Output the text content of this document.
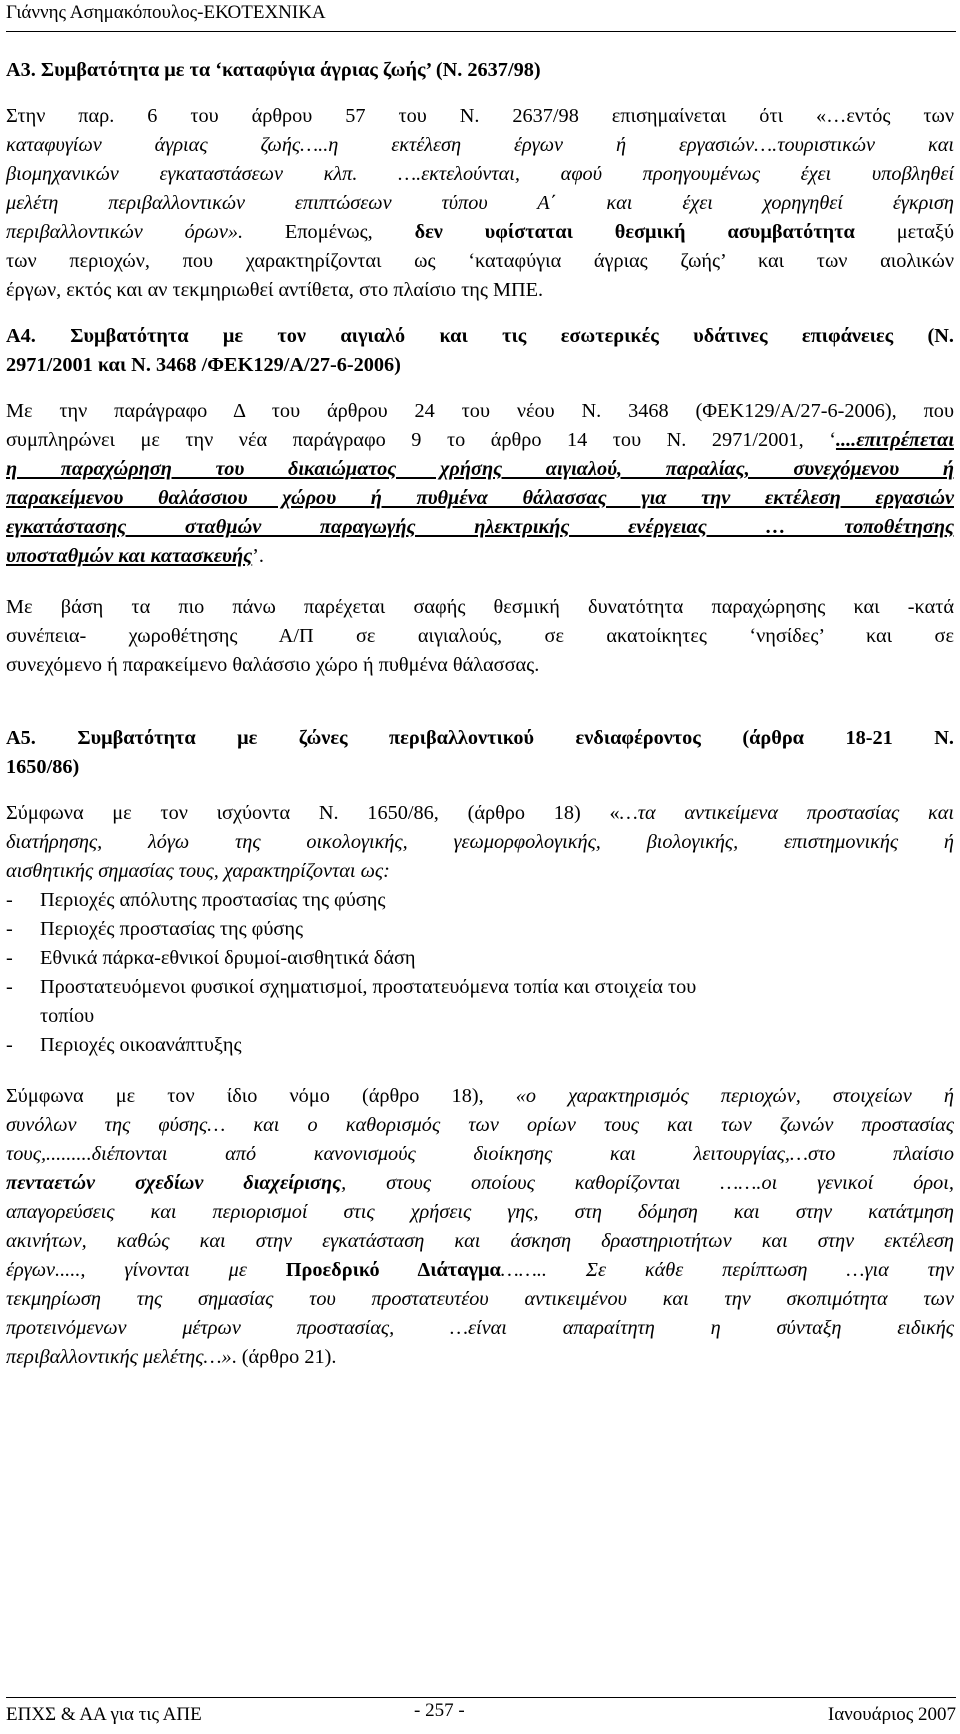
Γιάννης Ασημακόπουλος-ΕΚΟΤΕΧΝΙΚΑ

Α3. Συμβατότητα με τα ‘καταφύγια άγριας ζωής’ (Ν. 2637/98)

Στην παρ. 6 του άρθρου 57 του Ν. 2637/98 επισημαίνεται ότι «…εντός των

καταφυγίων άγριας ζωής…..η εκτέλεση έργων ή εργασιών….τουριστικών και

βιομηχανικών εγκαταστάσεων κλπ. ….εκτελούνται, αφού προηγουμένως έχει υποβληθεί

μελέτη περιβαλλοντικών επιπτώσεων τύπου Α΄ και έχει χορηγηθεί έγκριση

περιβαλλοντικών όρων». Επομένως, δεν υφίσταται θεσμική ασυμβατότητα μεταξύ

των περιοχών, που χαρακτηρίζονται ως ‘καταφύγια άγριας ζωής’ και των αιολικών

έργων, εκτός και αν τεκμηριωθεί αντίθετα, στο πλαίσιο της ΜΠΕ.

Α4. Συμβατότητα με τον αιγιαλό και τις εσωτερικές υδάτινες επιφάνειες (Ν.

2971/2001 και Ν. 3468 /ΦΕΚ129/Α/27-6-2006)

Με την παράγραφο Δ του άρθρου 24 του νέου Ν. 3468 (ΦΕΚ129/Α/27-6-2006), που

συμπληρώνει με την νέα παράγραφο 9 το άρθρο 14 του Ν. 2971/2001, ‘....επιτρέπεται

η παραχώρηση του δικαιώματος χρήσης αιγιαλού, παραλίας, συνεχόμενου ή

παρακείμενου θαλάσσιου χώρου ή πυθμένα θάλασσας για την εκτέλεση εργασιών

εγκατάστασης σταθμών παραγωγής ηλεκτρικής ενέργειας … τοποθέτησης

υποσταθμών και κατασκευής’.

Με βάση τα πιο πάνω παρέχεται σαφής θεσμική δυνατότητα παραχώρησης και -κατά

συνέπεια- χωροθέτησης Α/Π σε αιγιαλούς, σε ακατοίκητες ‘νησίδες’ και σε

συνεχόμενο ή παρακείμενο θαλάσσιο χώρο ή πυθμένα θάλασσας.

Α5. Συμβατότητα με ζώνες περιβαλλοντικού ενδιαφέροντος (άρθρα 18-21 Ν.

1650/86)

Σύμφωνα με τον ισχύοντα Ν. 1650/86, (άρθρο 18) «…τα αντικείμενα προστασίας και

διατήρησης, λόγω της οικολογικής, γεωμορφολογικής, βιολογικής, επιστημονικής ή

αισθητικής σημασίας τους, χαρακτηρίζονται ως:

-	Περιοχές απόλυτης προστασίας της φύσης
-	Περιοχές προστασίας της φύσης
-	Εθνικά πάρκα-εθνικοί δρυμοί-αισθητικά δάση
-	Προστατευόμενοι φυσικοί σχηματισμοί, προστατευόμενα τοπία και στοιχεία του
τοπίου
-	Περιοχές οικοανάπτυξης

Σύμφωνα με τον ίδιο νόμο (άρθρο 18), «ο χαρακτηρισμός περιοχών, στοιχείων ή

συνόλων της φύσης… και ο καθορισμός των ορίων τους και των ζωνών προστασίας

τους,.........διέπονται από κανονισμούς διοίκησης και λειτουργίας,…στο πλαίσιο

πενταετών σχεδίων διαχείρισης, στους οποίους καθορίζονται …….οι γενικοί όροι,

απαγορεύσεις και περιορισμοί στις χρήσεις γης, στη δόμηση και στην κατάτμηση

ακινήτων, καθώς και στην εγκατάσταση και άσκηση δραστηριοτήτων και στην εκτέλεση

έργων....., γίνονται με Προεδρικό Διάταγμα…….. Σε κάθε περίπτωση …για την

τεκμηρίωση της σημασίας του προστατευτέου αντικειμένου και την σκοπιμότητα των

προτεινόμενων μέτρων προστασίας, …είναι απαραίτητη η σύνταξη ειδικής

περιβαλλοντικής μελέτης…». (άρθρο 21).

ΕΠΧΣ & ΑΑ για τις ΑΠΕ	- 257 -	Ιανουάριος 2007
